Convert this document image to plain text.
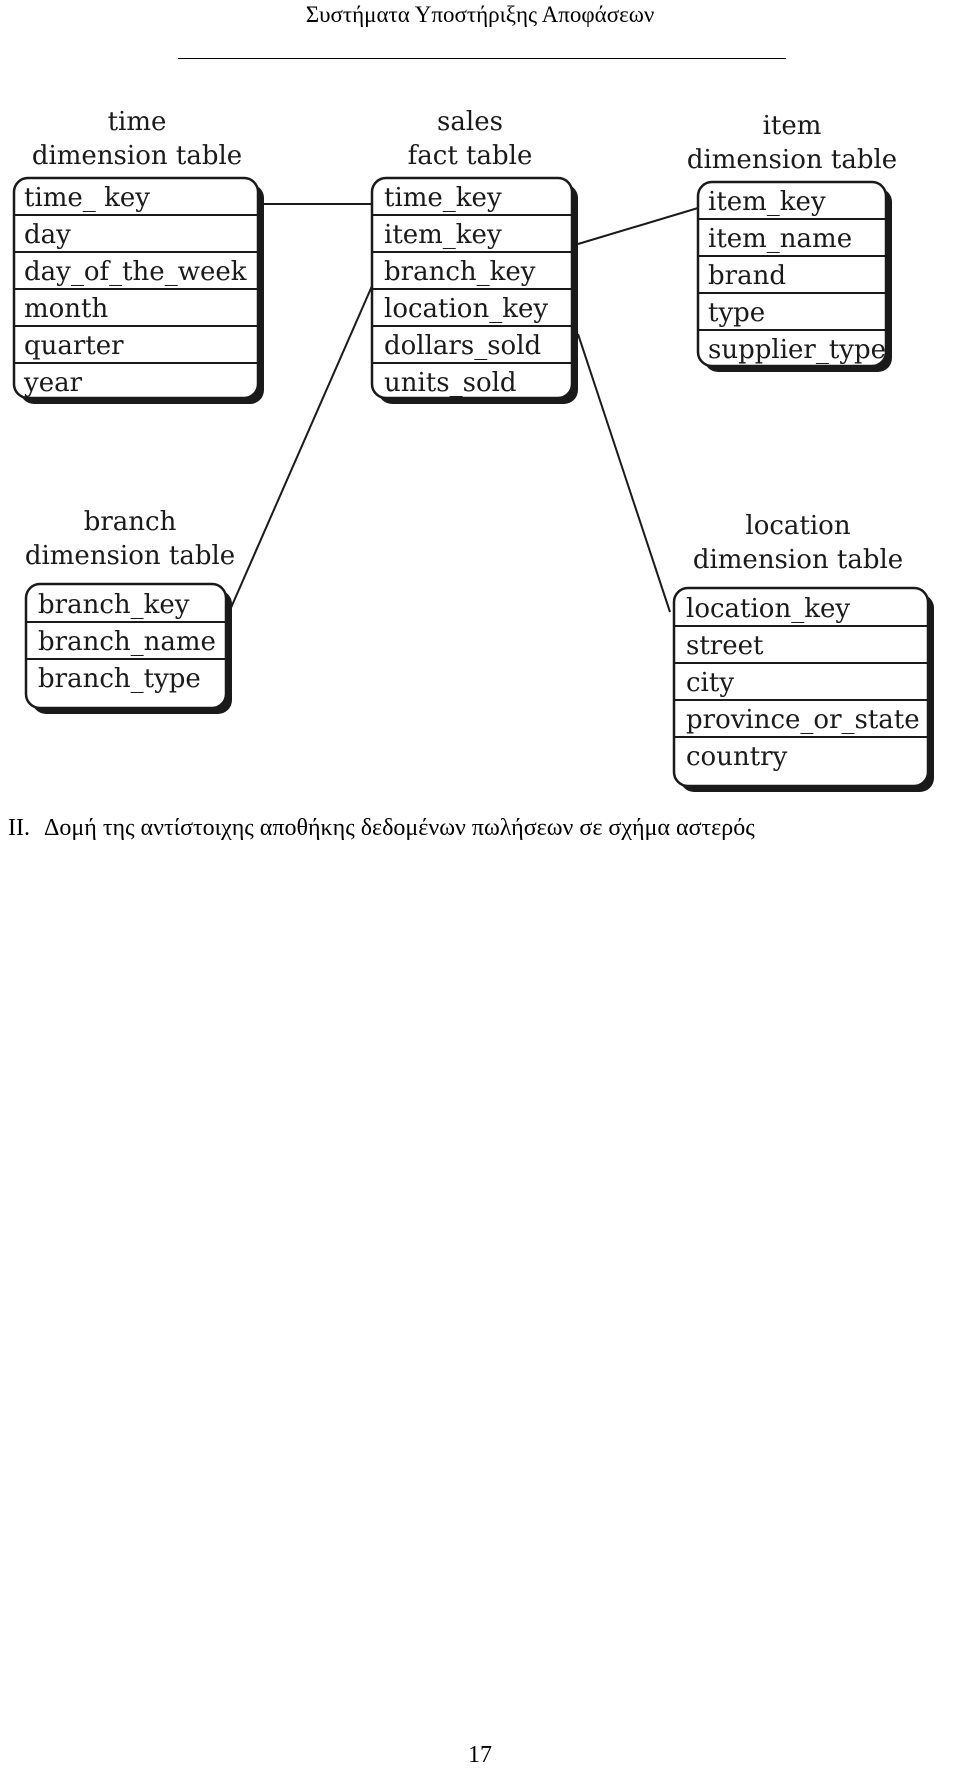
Συστήματα Υποστήριξης Αποφάσεων
time
dimension table
time_ key
day
day_of_the_week
month
quarter
year
sales
fact table
time_key
item_key
branch_key
location_key
dollars_sold
units_sold
item
dimension table
item_key
item_name
brand
type
supplier_type
branch
dimension table
branch_key
branch_name
branch_type
location
dimension table
location_key
street
city
province_or_state
country
II. Δομή της αντίστοιχης αποθήκης δεδομένων πωλήσεων σε σχήμα αστερός
17
